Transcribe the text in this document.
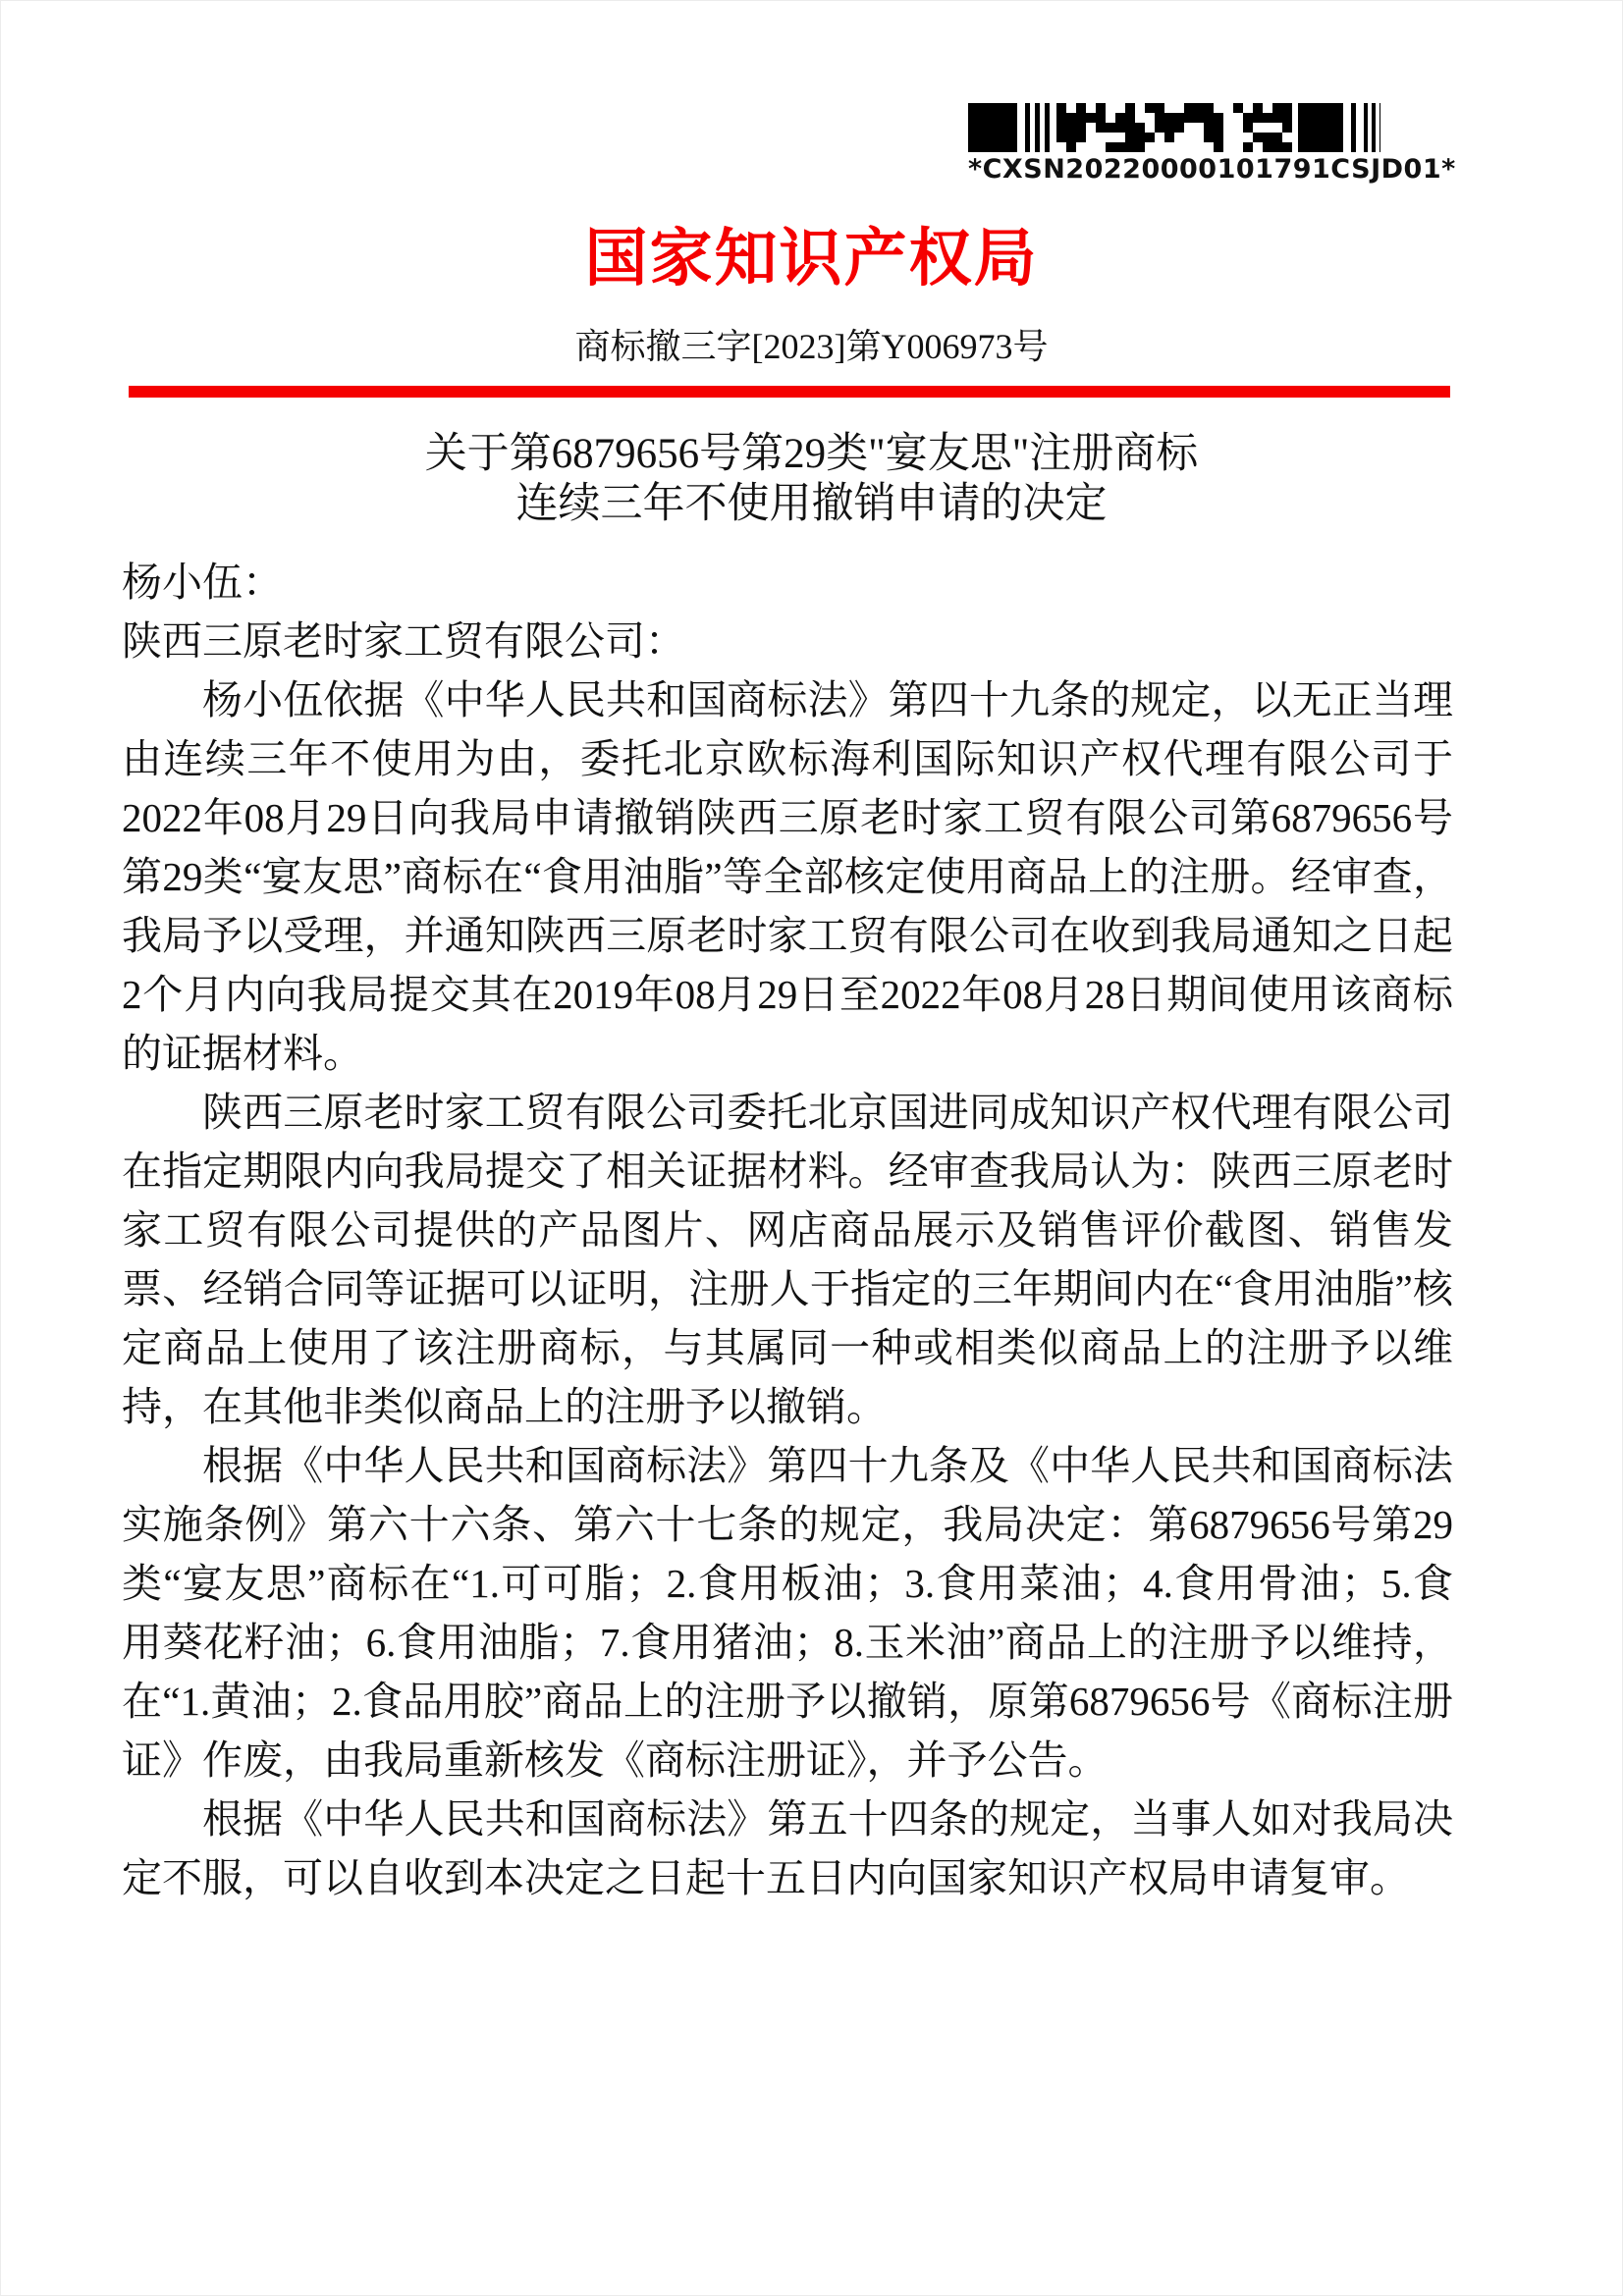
*CXSN20220000101791CSJD01*
国家知识产权局
商标撤三字[2023]第Y006973号
关于第6879656号第29类"宴友思"注册商标
连续三年不使用撤销申请的决定
杨小伍：
陕西三原老时家工贸有限公司：

杨小伍依据《中华人民共和国商标法》第四十九条的规定，以无正当理由连续三年不使用为由，委托北京欧标海利国际知识产权代理有限公司于2022年08月29日向我局申请撤销陕西三原老时家工贸有限公司第6879656号第29类“宴友思”商标在“食用油脂”等全部核定使用商品上的注册。经审查，我局予以受理，并通知陕西三原老时家工贸有限公司在收到我局通知之日起2个月内向我局提交其在2019年08月29日至2022年08月28日期间使用该商标的证据材料。

陕西三原老时家工贸有限公司委托北京国进同成知识产权代理有限公司在指定期限内向我局提交了相关证据材料。经审查我局认为：陕西三原老时家工贸有限公司提供的产品图片、网店商品展示及销售评价截图、销售发票、经销合同等证据可以证明，注册人于指定的三年期间内在“食用油脂”核定商品上使用了该注册商标，与其属同一种或相类似商品上的注册予以维持，在其他非类似商品上的注册予以撤销。

根据《中华人民共和国商标法》第四十九条及《中华人民共和国商标法实施条例》第六十六条、第六十七条的规定，我局决定：第6879656号第29类“宴友思”商标在“1.可可脂；2.食用板油；3.食用菜油；4.食用骨油；5.食用葵花籽油；6.食用油脂；7.食用猪油；8.玉米油”商品上的注册予以维持，在“1.黄油；2.食品用胶”商品上的注册予以撤销，原第6879656号《商标注册证》作废，由我局重新核发《商标注册证》，并予公告。

根据《中华人民共和国商标法》第五十四条的规定，当事人如对我局决定不服，可以自收到本决定之日起十五日内向国家知识产权局申请复审。
